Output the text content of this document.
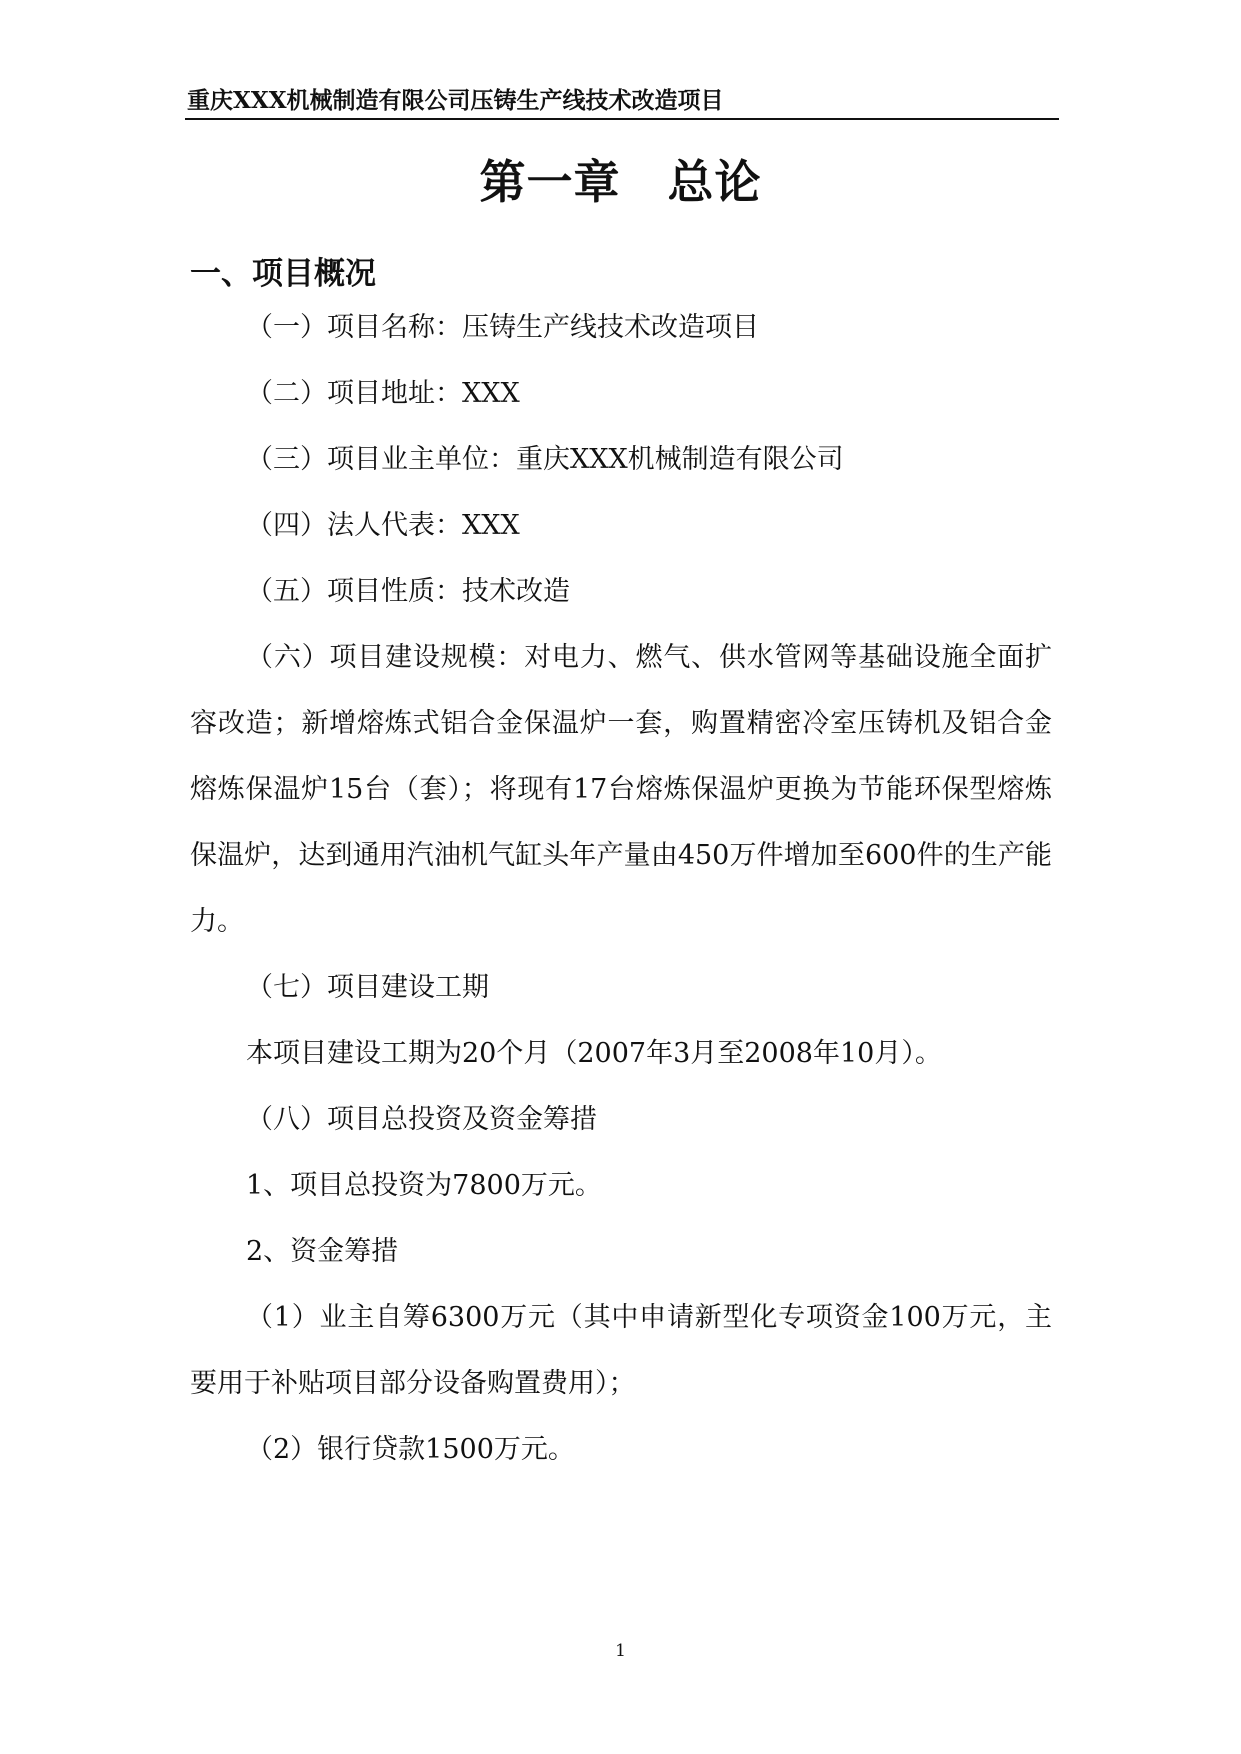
重庆XXX机械制造有限公司压铸生产线技术改造项目
第一章　总论
一、项目概况

（一）项目名称：压铸生产线技术改造项目

（二）项目地址：XXX

（三）项目业主单位：重庆XXX机械制造有限公司

（四）法人代表：XXX

（五）项目性质：技术改造

（六）项目建设规模：对电力、燃气、供水管网等基础设施全面扩容改造；新增熔炼式铝合金保温炉一套，购置精密冷室压铸机及铝合金熔炼保温炉15台（套）；将现有17台熔炼保温炉更换为节能环保型熔炼保温炉，达到通用汽油机气缸头年产量由450万件增加至600件的生产能力。

（七）项目建设工期

本项目建设工期为20个月（2007年3月至2008年10月）。

（八）项目总投资及资金筹措

1、项目总投资为7800万元。

2、资金筹措

（1）业主自筹6300万元（其中申请新型化专项资金100万元，主要用于补贴项目部分设备购置费用）；

（2）银行贷款1500万元。

1
